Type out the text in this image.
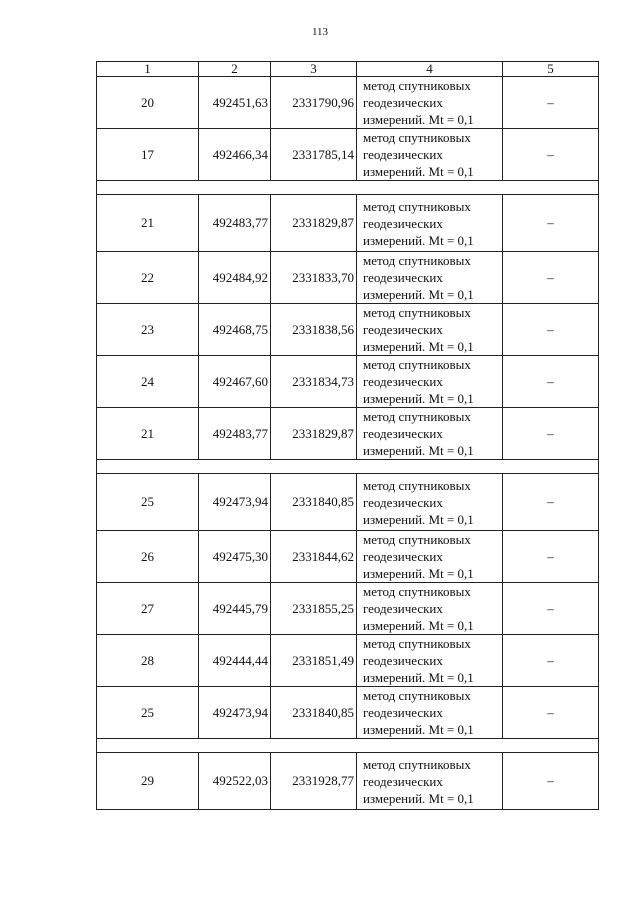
113
1	2	3	4	5
20	492451,63	2331790,96	метод спутниковых
геодезических
измерений. Mt = 0,1	–
17	492466,34	2331785,14	метод спутниковых
геодезических
измерений. Mt = 0,1	–

21	492483,77	2331829,87	метод спутниковых
геодезических
измерений. Mt = 0,1	–
22	492484,92	2331833,70	метод спутниковых
геодезических
измерений. Mt = 0,1	–
23	492468,75	2331838,56	метод спутниковых
геодезических
измерений. Mt = 0,1	–
24	492467,60	2331834,73	метод спутниковых
геодезических
измерений. Mt = 0,1	–
21	492483,77	2331829,87	метод спутниковых
геодезических
измерений. Mt = 0,1	–

25	492473,94	2331840,85	метод спутниковых
геодезических
измерений. Mt = 0,1	–
26	492475,30	2331844,62	метод спутниковых
геодезических
измерений. Mt = 0,1	–
27	492445,79	2331855,25	метод спутниковых
геодезических
измерений. Mt = 0,1	–
28	492444,44	2331851,49	метод спутниковых
геодезических
измерений. Mt = 0,1	–
25	492473,94	2331840,85	метод спутниковых
геодезических
измерений. Mt = 0,1	–

29	492522,03	2331928,77	метод спутниковых
геодезических
измерений. Mt = 0,1	–
